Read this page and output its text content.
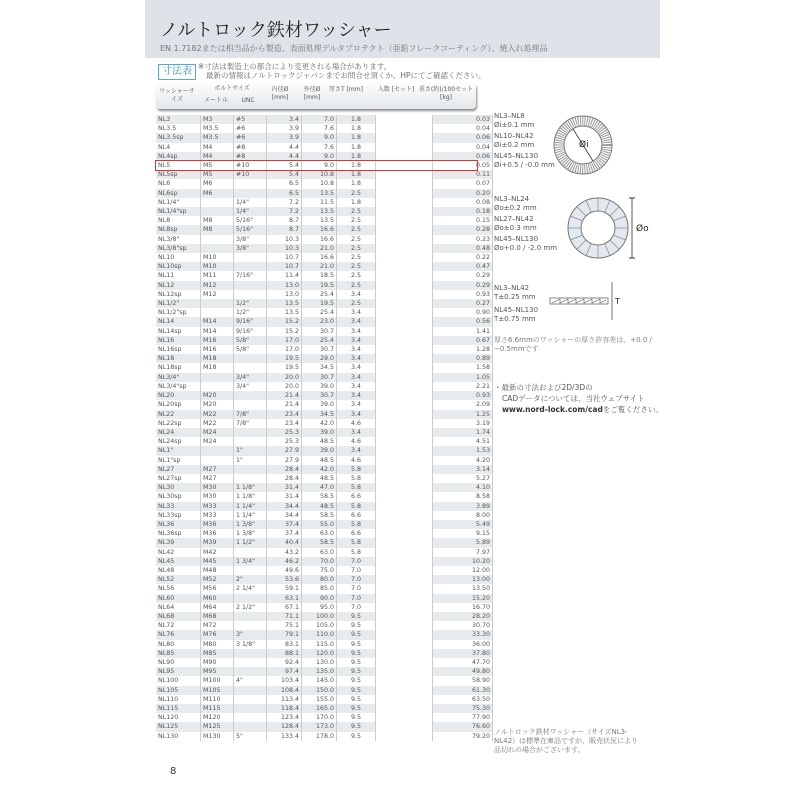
ノルトロック鉄材ワッシャー
EN 1.7182または相当品から製造、表面処理デルタプロテクト（亜鉛フレークコーティング）、焼入れ処理品
寸法表 ※寸法は製造上の都合により変更される場合があります。
最新の情報はノルトロックジャパンまでお問合せ頂くか、HPにてご確認ください。
ワッシャーサイズ
ボルトサイズ
メートル	UNC
内径Ø [mm]
外径Ø [mm]
厚さT [mm] 入数 [セット] 重さ(約)/100セット [kg]
NL3	M3	#5	3.4	7.0	1.8		0.03
NL3.5	M3.5	#6	3.9	7.6	1.8		0.04
NL3.5sp	M3.5	#6	3.9	9.0	1.8		0.06
NL4	M4	#8	4.4	7.6	1.8		0.04
NL4sp	M4	#8	4.4	9.0	1.8		0.06
NL5	M5	#10	5.4	9.0	1.8		0.05
NL5sp	M5	#10	5.4	10.8	1.8		0.11
NL6	M6		6.5	10.8	1.8		0.07
NL6sp	M6		6.5	13.5	2.5		0.20
NL1/4"		1/4"	7.2	11.5	1.8		0.08
NL1/4"sp		1/4"	7.2	13.5	2.5		0.18
NL8	M8	5/16"	8.7	13.5	2.5		0.15
NL8sp	M8	5/16"	8.7	16.6	2.5		0.28
NL3/8"		3/8"	10.3	16.6	2.5		0.23
NL3/8"sp		3/8"	10.3	21.0	2.5		0.48
NL10	M10		10.7	16.6	2.5		0.22
NL10sp	M10		10.7	21.0	2.5		0.47
NL11	M11	7/16"	11.4	18.5	2.5		0.29
NL12	M12		13.0	19.5	2.5		0.29
NL12sp	M12		13.0	25.4	3.4		0.93
NL1/2"		1/2"	13.5	19.5	2.5		0.27
NL1/2"sp		1/2"	13.5	25.4	3.4		0.90
NL14	M14	9/16"	15.2	23.0	3.4		0.56
NL14sp	M14	9/16"	15.2	30.7	3.4		1.41
NL16	M16	5/8"	17.0	25.4	3.4		0.67
NL16sp	M16	5/8"	17.0	30.7	3.4		1.28
NL18	M18		19.5	29.0	3.4		0.89
NL18sp	M18		19.5	34.5	3.4		1.58
NL3/4"		3/4"	20.0	30.7	3.4		1.05
NL3/4"sp		3/4"	20.0	39.0	3.4		2.21
NL20	M20		21.4	30.7	3.4		0.93
NL20sp	M20		21.4	39.0	3.4		2.09
NL22	M22	7/8"	23.4	34.5	3.4		1.25
NL22sp	M22	7/8"	23.4	42.0	4.6		3.19
NL24	M24		25.3	39.0	3.4		1.74
NL24sp	M24		25.3	48.5	4.6		4.51
NL1"		1"	27.9	39.0	3.4		1.53
NL1"sp		1"	27.9	48.5	4.6		4.20
NL27	M27		28.4	42.0	5.8		3.14
NL27sp	M27		28.4	48.5	5.8		5.27
NL30	M30	1 1/8"	31.4	47.0	5.8		4.10
NL30sp	M30	1 1/8"	31.4	58.5	6.6		8.58
NL33	M33	1 1/4"	34.4	48.5	5.8		3.89
NL33sp	M33	1 1/4"	34.4	58.5	6.6		8.00
NL36	M36	1 3/8"	37.4	55.0	5.8		5.49
NL36sp	M36	1 3/8"	37.4	63.0	6.6		9.15
NL39	M39	1 1/2"	40.4	58.5	5.8		5.89
NL42	M42		43.2	63.0	5.8		7.97
NL45	M45	1 3/4"	46.2	70.0	7.0		10.20
NL48	M48		49.6	75.0	7.0		12.00
NL52	M52	2"	53.6	80.0	7.0		13.00
NL56	M56	2 1/4"	59.1	85.0	7.0		13.50
NL60	M60		63.1	90.0	7.0		15.20
NL64	M64	2 1/2"	67.1	95.0	7.0		16.70
NL68	M68		71.1	100.0	9.5		28.20
NL72	M72		75.1	105.0	9.5		30.70
NL76	M76	3"	79.1	110.0	9.5		33.30
NL80	M80	3 1/8"	83.1	115.0	9.5		36.00
NL85	M85		88.1	120.0	9.5		37.80
NL90	M90		92.4	130.0	9.5		47.70
NL95	M95		97.4	135.0	9.5		49.80
NL100	M100	4"	103.4	145.0	9.5		58.90
NL105	M105		108.4	150.0	9.5		61.30
NL110	M110		113.4	155.0	9.5		63.50
NL115	M115		118.4	165.0	9.5		75.30
NL120	M120		123.4	170.0	9.5		77.90
NL125	M125		128.4	173.0	9.5		76.60
NL130	M130	5"	133.4	178.0	9.5		79.20
NL3–NL8
Øi±0.1 mm
NL10–NL42
Øi±0.2 mm
NL45–NL130
Øi+0.5 / -0.0 mm
Øi
NL3–NL24
Øo±0.2 mm
NL27–NL42
Øo±0.3 mm
NL45–NL130
Øo+0.0 / -2.0 mm
Øo
NL3–NL42
T±0.25 mm
NL45–NL130
T±0.75 mm
T
厚さ6.6mmのワッシャーの厚さ許容差は、+0.0 / −0.5mmです
・最新の寸法および2D/3Dの
CADデータについては、当社ウェブサイト
www.nord-lock.com/cadをご覧ください。
ノルトロック鉄材ワッシャー（サイズNL3-NL42）は標準在庫品ですが、販売状況により品切れの場合がございます。
8
